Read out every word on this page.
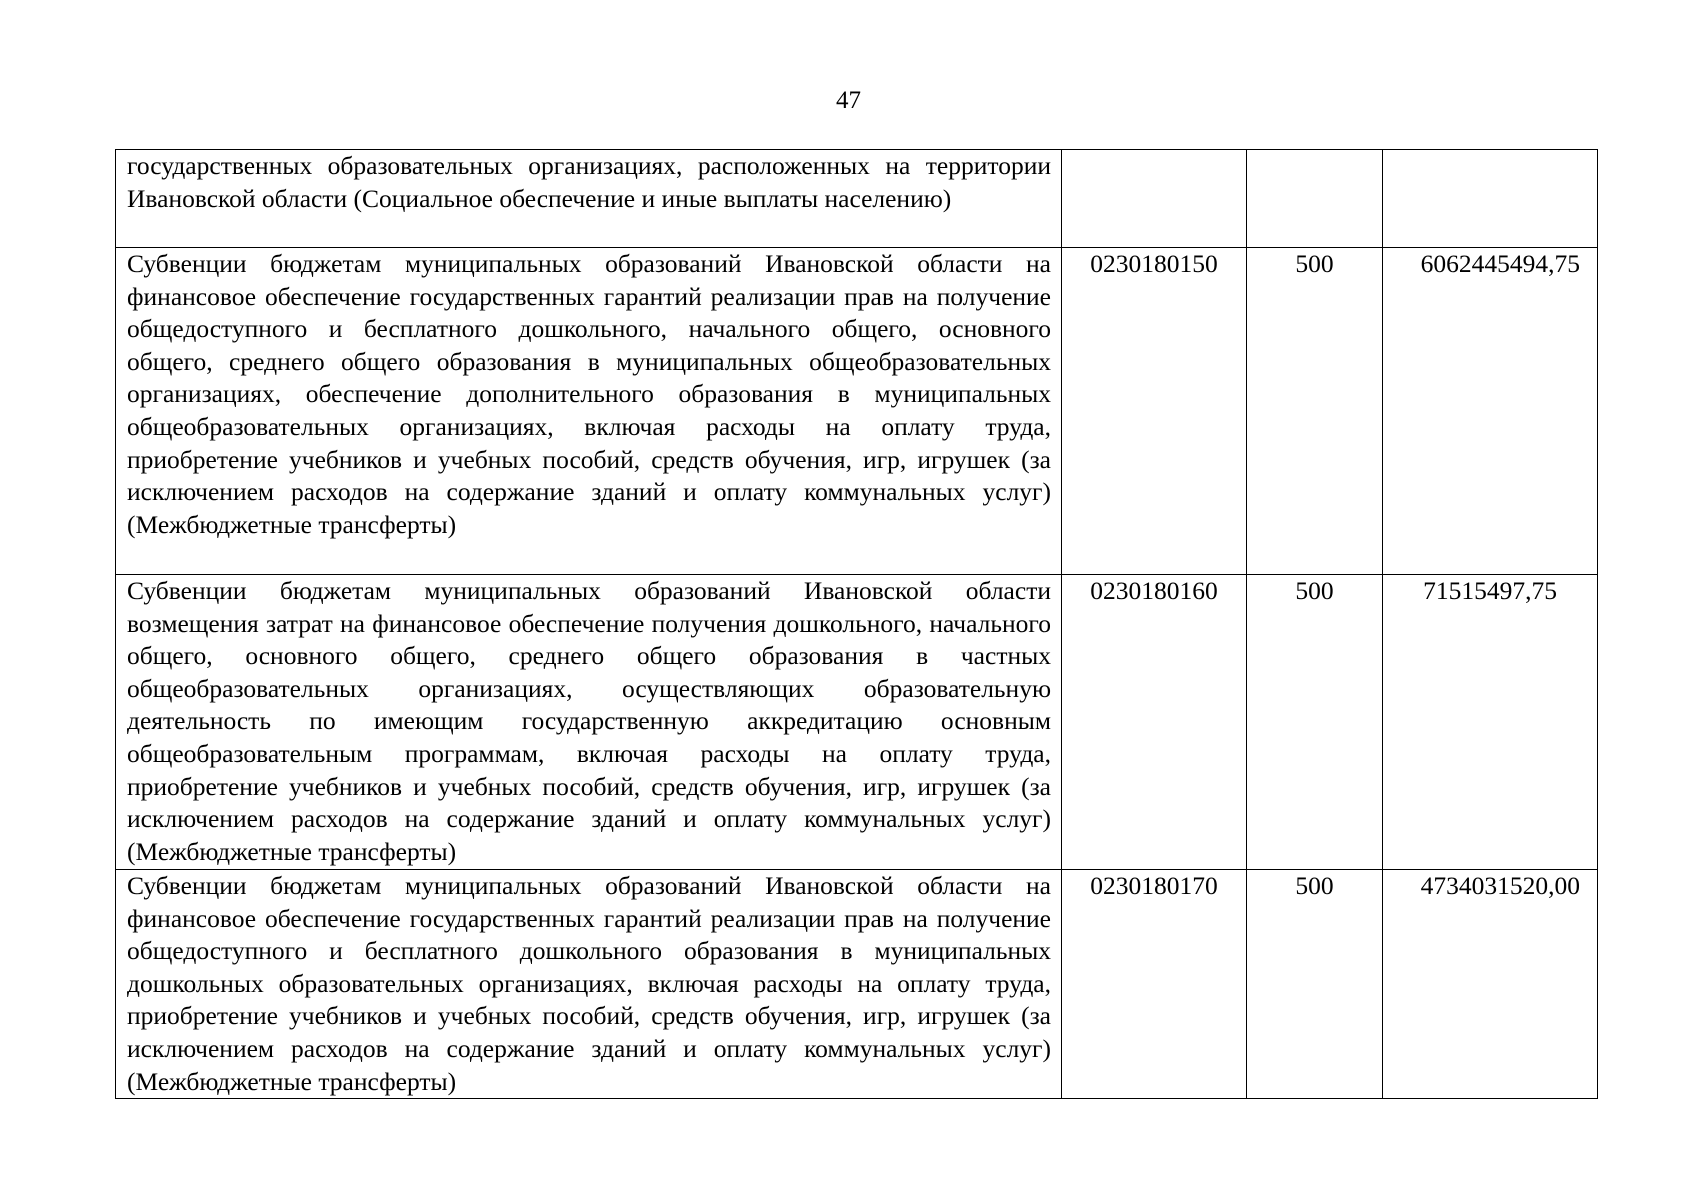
47
государственных образовательных организациях, расположенных на территории Ивановской области (Социальное обеспечение и иные выплаты населению)			
Субвенции бюджетам муниципальных образований Ивановской области на финансовое обеспечение государственных гарантий реализации прав на получение общедоступного и бесплатного дошкольного, начального общего, основного общего, среднего общего образования в муниципальных общеобразовательных организациях, обеспечение дополнительного образования в муниципальных общеобразовательных организациях, включая расходы на оплату труда, приобретение учебников и учебных пособий, средств обучения, игр, игрушек (за исключением расходов на содержание зданий и оплату коммунальных услуг) (Межбюджетные трансферты)	0230180150	500	6062445494,75
Субвенции бюджетам муниципальных образований Ивановской области возмещения затрат на финансовое обеспечение получения дошкольного, начального общего, основного общего, среднего общего образования в частных общеобразовательных организациях, осуществляющих образовательную деятельность по имеющим государственную аккредитацию основным общеобразовательным программам, включая расходы на оплату труда, приобретение учебников и учебных пособий, средств обучения, игр, игрушек (за исключением расходов на содержание зданий и оплату коммунальных услуг) (Межбюджетные трансферты)	0230180160	500	71515497,75
Субвенции бюджетам муниципальных образований Ивановской области на финансовое обеспечение государственных гарантий реализации прав на получение общедоступного и бесплатного дошкольного образования в муниципальных дошкольных образовательных организациях, включая расходы на оплату труда, приобретение учебников и учебных пособий, средств обучения, игр, игрушек (за исключением расходов на содержание зданий и оплату коммунальных услуг) (Межбюджетные трансферты)	0230180170	500	4734031520,00
